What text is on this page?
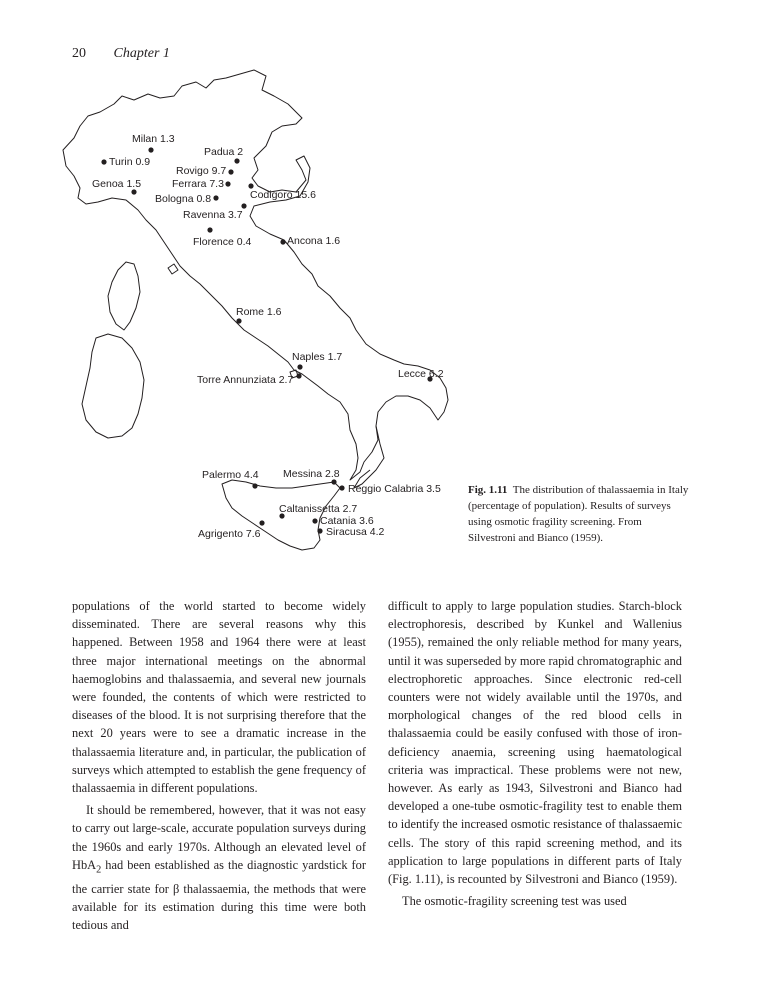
20 Chapter 1
Milan 1.3
Turin 0.9
Padua 2
Rovigo 9.7
Ferrara 7.3
Genoa 1.5
Bologna 0.8	Codigoro 15.6
Ravenna 3.7
Florence 0.4	Ancona 1.6
Rome 1.6
Naples 1.7
Torre Annunziata 2.7	Lecce 6.2
Palermo 4.4 Messina 2.8
Reggio Calabria 3.5
Caltanissetta 2.7
Catania 3.6
Agrigento 7.6	Siracusa 4.2
Fig. 1.11 The distribution of thalassaemia in Italy (percentage of population). Results of surveys using osmotic fragility screening. From Silvestroni and Bianco (1959).

populations of the world started to become widely disseminated. There are several reasons why this happened. Between 1958 and 1964 there were at least three major international meetings on the abnormal haemoglobins and thalassaemia, and several new journals were founded, the contents of which were restricted to diseases of the blood. It is not surprising therefore that the next 20 years were to see a dramatic increase in the thalassaemia literature and, in particular, the publication of surveys which attempted to establish the gene frequency of thalassaemia in different populations.

It should be remembered, however, that it was not easy to carry out large-scale, accurate population surveys during the 1960s and early 1970s. Although an elevated level of HbA$_2$ had been established as the diagnostic yardstick for the carrier state for β thalassaemia, the methods that were available for its estimation during this time were both tedious and

difficult to apply to large population studies. Starch-block electrophoresis, described by Kunkel and Wallenius (1955), remained the only reliable method for many years, until it was superseded by more rapid chromatographic and electrophoretic approaches. Since electronic red-cell counters were not widely available until the 1970s, and morphological changes of the red blood cells in thalassaemia could be easily confused with those of iron-deficiency anaemia, screening using haematological criteria was impractical. These problems were not new, however. As early as 1943, Silvestroni and Bianco had developed a one-tube osmotic-fragility test to enable them to identify the increased osmotic resistance of thalassaemic cells. The story of this rapid screening method, and its application to large populations in different parts of Italy (Fig. 1.11), is recounted by Silvestroni and Bianco (1959).

The osmotic-fragility screening test was used
